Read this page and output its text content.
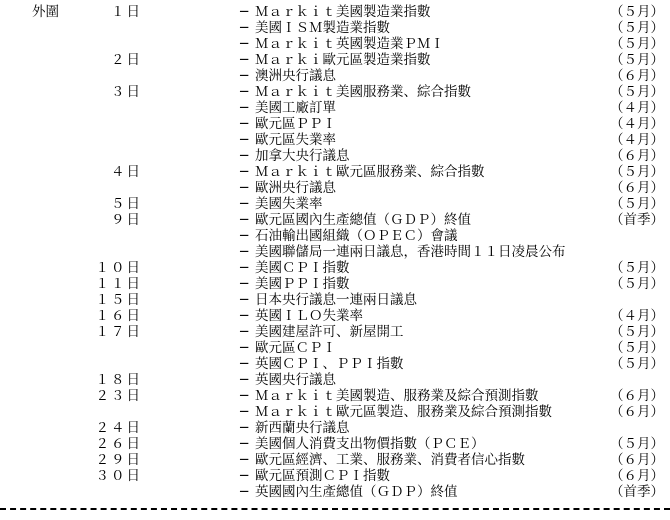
外圍	１日	─ Ｍａｒｋｉｔ美國製造業指數	（５月）
─ 美國ＩＳＭ製造業指數	（５月）
─ Ｍａｒｋｉｔ英國製造業ＰＭＩ	（５月）
２日	─ Ｍａｒｋｉ歐元區製造業指數	（５月）
─ 澳洲央行議息	（６月）
３日	─ Ｍａｒｋｉｔ美國服務業、綜合指數	（５月）
─ 美國工廠訂單	（４月）
─ 歐元區ＰＰＩ	（４月）
─ 歐元區失業率	（４月）
─ 加拿大央行議息	（６月）
４日	─ Ｍａｒｋｉｔ歐元區服務業、綜合指數	（５月）
─ 歐洲央行議息	（６月）
５日	─ 美國失業率	（５月）
９日	─ 歐元區國內生產總值（ＧＤＰ）終值	（首季）
─ 石油輸出國組織（ＯＰＥＣ）會議
─ 美國聯儲局一連兩日議息，香港時間１１日凌晨公布
１０日	─ 美國ＣＰＩ指數	（５月）
１１日	─ 美國ＰＰＩ指數	（５月）
１５日	─ 日本央行議息一連兩日議息
１６日	─ 英國ＩＬＯ失業率	（４月）
１７日	─ 美國建屋許可、新屋開工	（５月）
─ 歐元區ＣＰＩ	（５月）
─ 英國ＣＰＩ、ＰＰＩ指數	（５月）
１８日	─ 英國央行議息
２３日	─ Ｍａｒｋｉｔ美國製造、服務業及綜合預測指數	（６月）
─ Ｍａｒｋｉｔ歐元區製造、服務業及綜合預測指數	（６月）
２４日	─ 新西蘭央行議息
２６日	─ 美國個人消費支出物價指數（ＰＣＥ）	（５月）
２９日	─ 歐元區經濟、工業、服務業、消費者信心指數	（６月）
３０日	─ 歐元區預測ＣＰＩ指數	（６月）
─ 英國國內生產總值（ＧＤＰ）終值	（首季）
